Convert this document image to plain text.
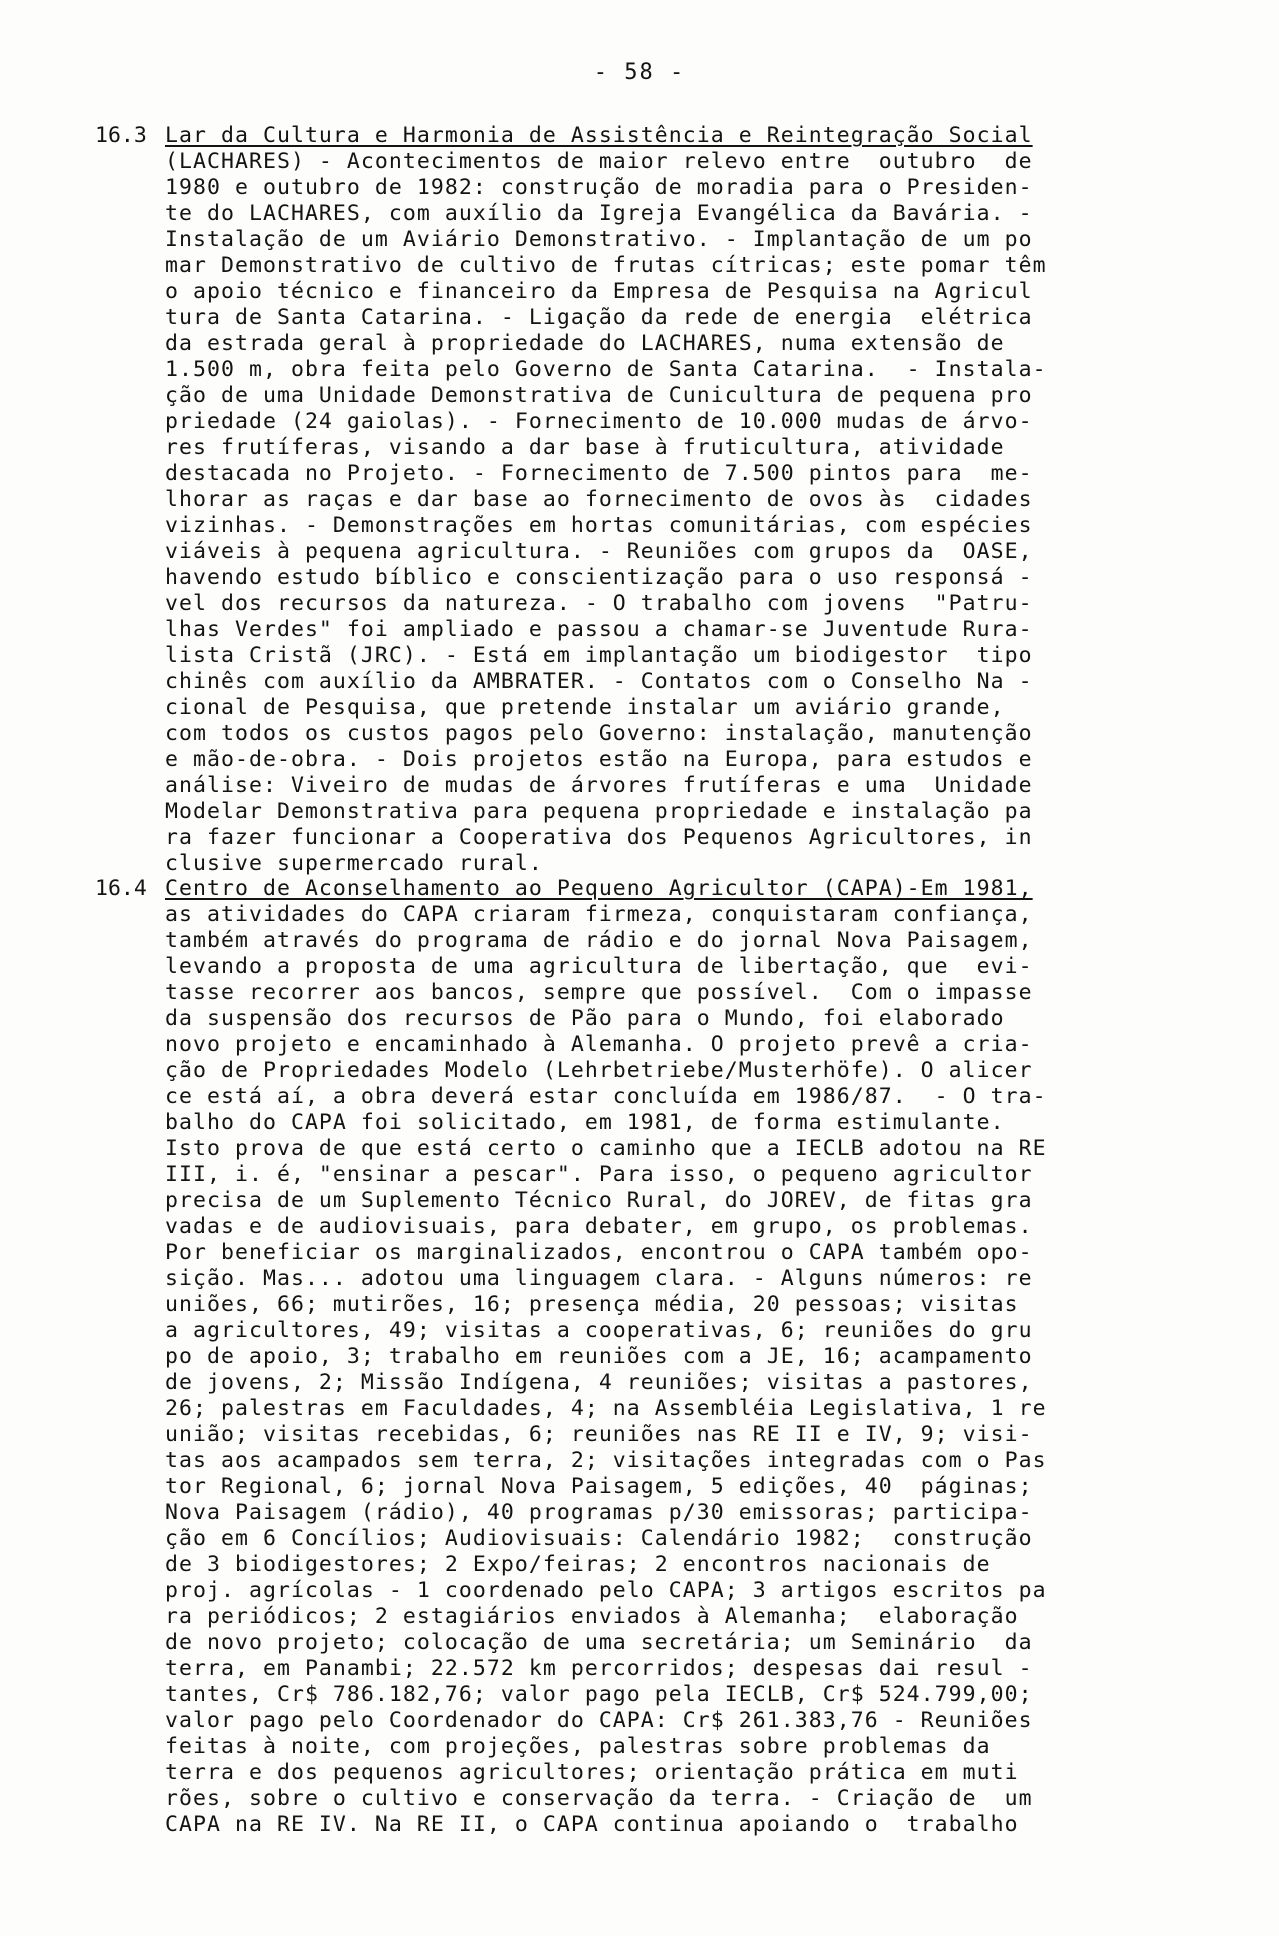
- 58 -
16.3 Lar da Cultura e Harmonia de Assistência e Reintegração Social
(LACHARES) - Acontecimentos de maior relevo entre  outubro  de
1980 e outubro de 1982: construção de moradia para o Presiden-
te do LACHARES, com auxílio da Igreja Evangélica da Bavária. -
Instalação de um Aviário Demonstrativo. - Implantação de um po
mar Demonstrativo de cultivo de frutas cítricas; este pomar têm
o apoio técnico e financeiro da Empresa de Pesquisa na Agricul
tura de Santa Catarina. - Ligação da rede de energia  elétrica
da estrada geral à propriedade do LACHARES, numa extensão de
1.500 m, obra feita pelo Governo de Santa Catarina.  - Instala-
ção de uma Unidade Demonstrativa de Cunicultura de pequena pro
priedade (24 gaiolas). - Fornecimento de 10.000 mudas de árvo-
res frutíferas, visando a dar base à fruticultura, atividade
destacada no Projeto. - Fornecimento de 7.500 pintos para  me-
lhorar as raças e dar base ao fornecimento de ovos às  cidades
vizinhas. - Demonstrações em hortas comunitárias, com espécies
viáveis à pequena agricultura. - Reuniões com grupos da  OASE,
havendo estudo bíblico e conscientização para o uso responsá -
vel dos recursos da natureza. - O trabalho com jovens  "Patru-
lhas Verdes" foi ampliado e passou a chamar-se Juventude Rura-
lista Cristã (JRC). - Está em implantação um biodigestor  tipo
chinês com auxílio da AMBRATER. - Contatos com o Conselho Na -
cional de Pesquisa, que pretende instalar um aviário grande,
com todos os custos pagos pelo Governo: instalação, manutenção
e mão-de-obra. - Dois projetos estão na Europa, para estudos e
análise: Viveiro de mudas de árvores frutíferas e uma  Unidade
Modelar Demonstrativa para pequena propriedade e instalação pa
ra fazer funcionar a Cooperativa dos Pequenos Agricultores, in
clusive supermercado rural.
16.4 Centro de Aconselhamento ao Pequeno Agricultor (CAPA)-Em 1981,
as atividades do CAPA criaram firmeza, conquistaram confiança,
também através do programa de rádio e do jornal Nova Paisagem,
levando a proposta de uma agricultura de libertação, que  evi-
tasse recorrer aos bancos, sempre que possível.  Com o impasse
da suspensão dos recursos de Pão para o Mundo, foi elaborado
novo projeto e encaminhado à Alemanha. O projeto prevê a cria-
ção de Propriedades Modelo (Lehrbetriebe/Musterhöfe). O alicer
ce está aí, a obra deverá estar concluída em 1986/87.  - O tra-
balho do CAPA foi solicitado, em 1981, de forma estimulante.
Isto prova de que está certo o caminho que a IECLB adotou na RE
III, i. é, "ensinar a pescar". Para isso, o pequeno agricultor
precisa de um Suplemento Técnico Rural, do JOREV, de fitas gra
vadas e de audiovisuais, para debater, em grupo, os problemas.
Por beneficiar os marginalizados, encontrou o CAPA também opo-
sição. Mas... adotou uma linguagem clara. - Alguns números: re
uniões, 66; mutirões, 16; presença média, 20 pessoas; visitas
a agricultores, 49; visitas a cooperativas, 6; reuniões do gru
po de apoio, 3; trabalho em reuniões com a JE, 16; acampamento
de jovens, 2; Missão Indígena, 4 reuniões; visitas a pastores,
26; palestras em Faculdades, 4; na Assembléia Legislativa, 1 re
união; visitas recebidas, 6; reuniões nas RE II e IV, 9; visi-
tas aos acampados sem terra, 2; visitações integradas com o Pas
tor Regional, 6; jornal Nova Paisagem, 5 edições, 40  páginas;
Nova Paisagem (rádio), 40 programas p/30 emissoras; participa-
ção em 6 Concílios; Audiovisuais: Calendário 1982;  construção
de 3 biodigestores; 2 Expo/feiras; 2 encontros nacionais de
proj. agrícolas - 1 coordenado pelo CAPA; 3 artigos escritos pa
ra periódicos; 2 estagiários enviados à Alemanha;  elaboração
de novo projeto; colocação de uma secretária; um Seminário  da
terra, em Panambi; 22.572 km percorridos; despesas dai resul -
tantes, Cr$ 786.182,76; valor pago pela IECLB, Cr$ 524.799,00;
valor pago pelo Coordenador do CAPA: Cr$ 261.383,76 - Reuniões
feitas à noite, com projeções, palestras sobre problemas da
terra e dos pequenos agricultores; orientação prática em muti
rões, sobre o cultivo e conservação da terra. - Criação de  um
CAPA na RE IV. Na RE II, o CAPA continua apoiando o  trabalho
